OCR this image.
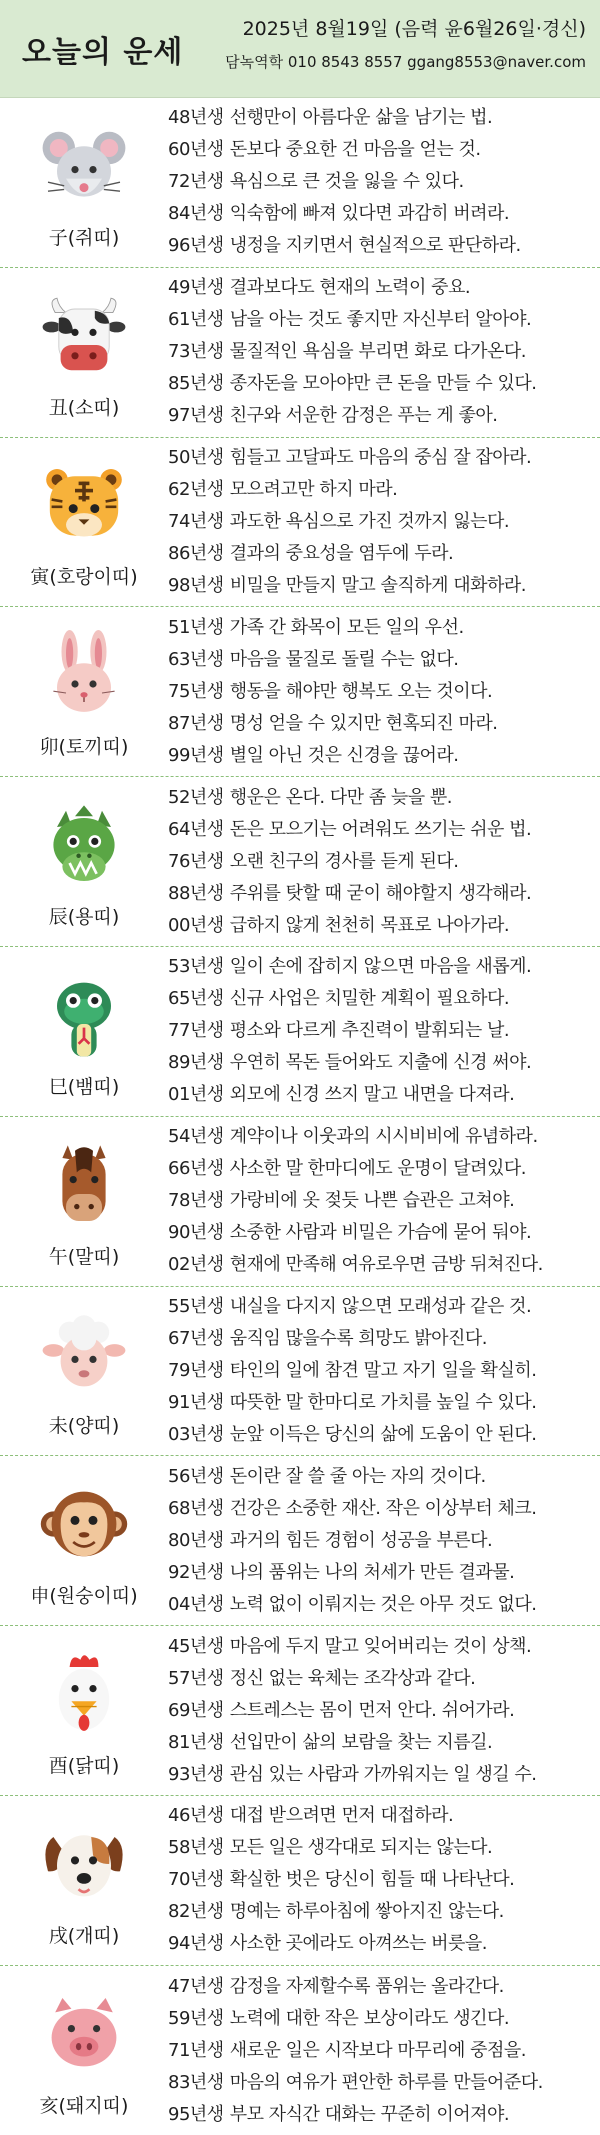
오늘의 운세
2025년 8월19일 (음력 윤6월26일·경신)
담녹역학 010 8543 8557 ggang8553@naver.com
子(쥐띠)
48년생 선행만이 아름다운 삶을 남기는 법.
60년생 돈보다 중요한 건 마음을 얻는 것.
72년생 욕심으로 큰 것을 잃을 수 있다.
84년생 익숙함에 빠져 있다면 과감히 버려라.
96년생 냉정을 지키면서 현실적으로 판단하라.
丑(소띠)
49년생 결과보다도 현재의 노력이 중요.
61년생 남을 아는 것도 좋지만 자신부터 알아야.
73년생 물질적인 욕심을 부리면 화로 다가온다.
85년생 종자돈을 모아야만 큰 돈을 만들 수 있다.
97년생 친구와 서운한 감정은 푸는 게 좋아.
寅(호랑이띠)
50년생 힘들고 고달파도 마음의 중심 잘 잡아라.
62년생 모으려고만 하지 마라.
74년생 과도한 욕심으로 가진 것까지 잃는다.
86년생 결과의 중요성을 염두에 두라.
98년생 비밀을 만들지 말고 솔직하게 대화하라.
卯(토끼띠)
51년생 가족 간 화목이 모든 일의 우선.
63년생 마음을 물질로 돌릴 수는 없다.
75년생 행동을 해야만 행복도 오는 것이다.
87년생 명성 얻을 수 있지만 현혹되진 마라.
99년생 별일 아닌 것은 신경을 끊어라.
辰(용띠)
52년생 행운은 온다. 다만 좀 늦을 뿐.
64년생 돈은 모으기는 어려워도 쓰기는 쉬운 법.
76년생 오랜 친구의 경사를 듣게 된다.
88년생 주위를 탓할 때 굳이 해야할지 생각해라.
00년생 급하지 않게 천천히 목표로 나아가라.
巳(뱀띠)
53년생 일이 손에 잡히지 않으면 마음을 새롭게.
65년생 신규 사업은 치밀한 계획이 필요하다.
77년생 평소와 다르게 추진력이 발휘되는 날.
89년생 우연히 목돈 들어와도 지출에 신경 써야.
01년생 외모에 신경 쓰지 말고 내면을 다져라.
午(말띠)
54년생 계약이나 이웃과의 시시비비에 유념하라.
66년생 사소한 말 한마디에도 운명이 달려있다.
78년생 가랑비에 옷 젖듯 나쁜 습관은 고쳐야.
90년생 소중한 사람과 비밀은 가슴에 묻어 둬야.
02년생 현재에 만족해 여유로우면 금방 뒤쳐진다.
未(양띠)
55년생 내실을 다지지 않으면 모래성과 같은 것.
67년생 움직임 많을수록 희망도 밝아진다.
79년생 타인의 일에 참견 말고 자기 일을 확실히.
91년생 따뜻한 말 한마디로 가치를 높일 수 있다.
03년생 눈앞 이득은 당신의 삶에 도움이 안 된다.
申(원숭이띠)
56년생 돈이란 잘 쓸 줄 아는 자의 것이다.
68년생 건강은 소중한 재산. 작은 이상부터 체크.
80년생 과거의 힘든 경험이 성공을 부른다.
92년생 나의 품위는 나의 처세가 만든 결과물.
04년생 노력 없이 이뤄지는 것은 아무 것도 없다.
酉(닭띠)
45년생 마음에 두지 말고 잊어버리는 것이 상책.
57년생 정신 없는 육체는 조각상과 같다.
69년생 스트레스는 몸이 먼저 안다. 쉬어가라.
81년생 선입만이 삶의 보람을 찾는 지름길.
93년생 관심 있는 사람과 가까워지는 일 생길 수.
戌(개띠)
46년생 대접 받으려면 먼저 대접하라.
58년생 모든 일은 생각대로 되지는 않는다.
70년생 확실한 벗은 당신이 힘들 때 나타난다.
82년생 명예는 하루아침에 쌓아지진 않는다.
94년생 사소한 곳에라도 아껴쓰는 버릇을.
亥(돼지띠)
47년생 감정을 자제할수록 품위는 올라간다.
59년생 노력에 대한 작은 보상이라도 생긴다.
71년생 새로운 일은 시작보다 마무리에 중점을.
83년생 마음의 여유가 편안한 하루를 만들어준다.
95년생 부모 자식간 대화는 꾸준히 이어져야.
